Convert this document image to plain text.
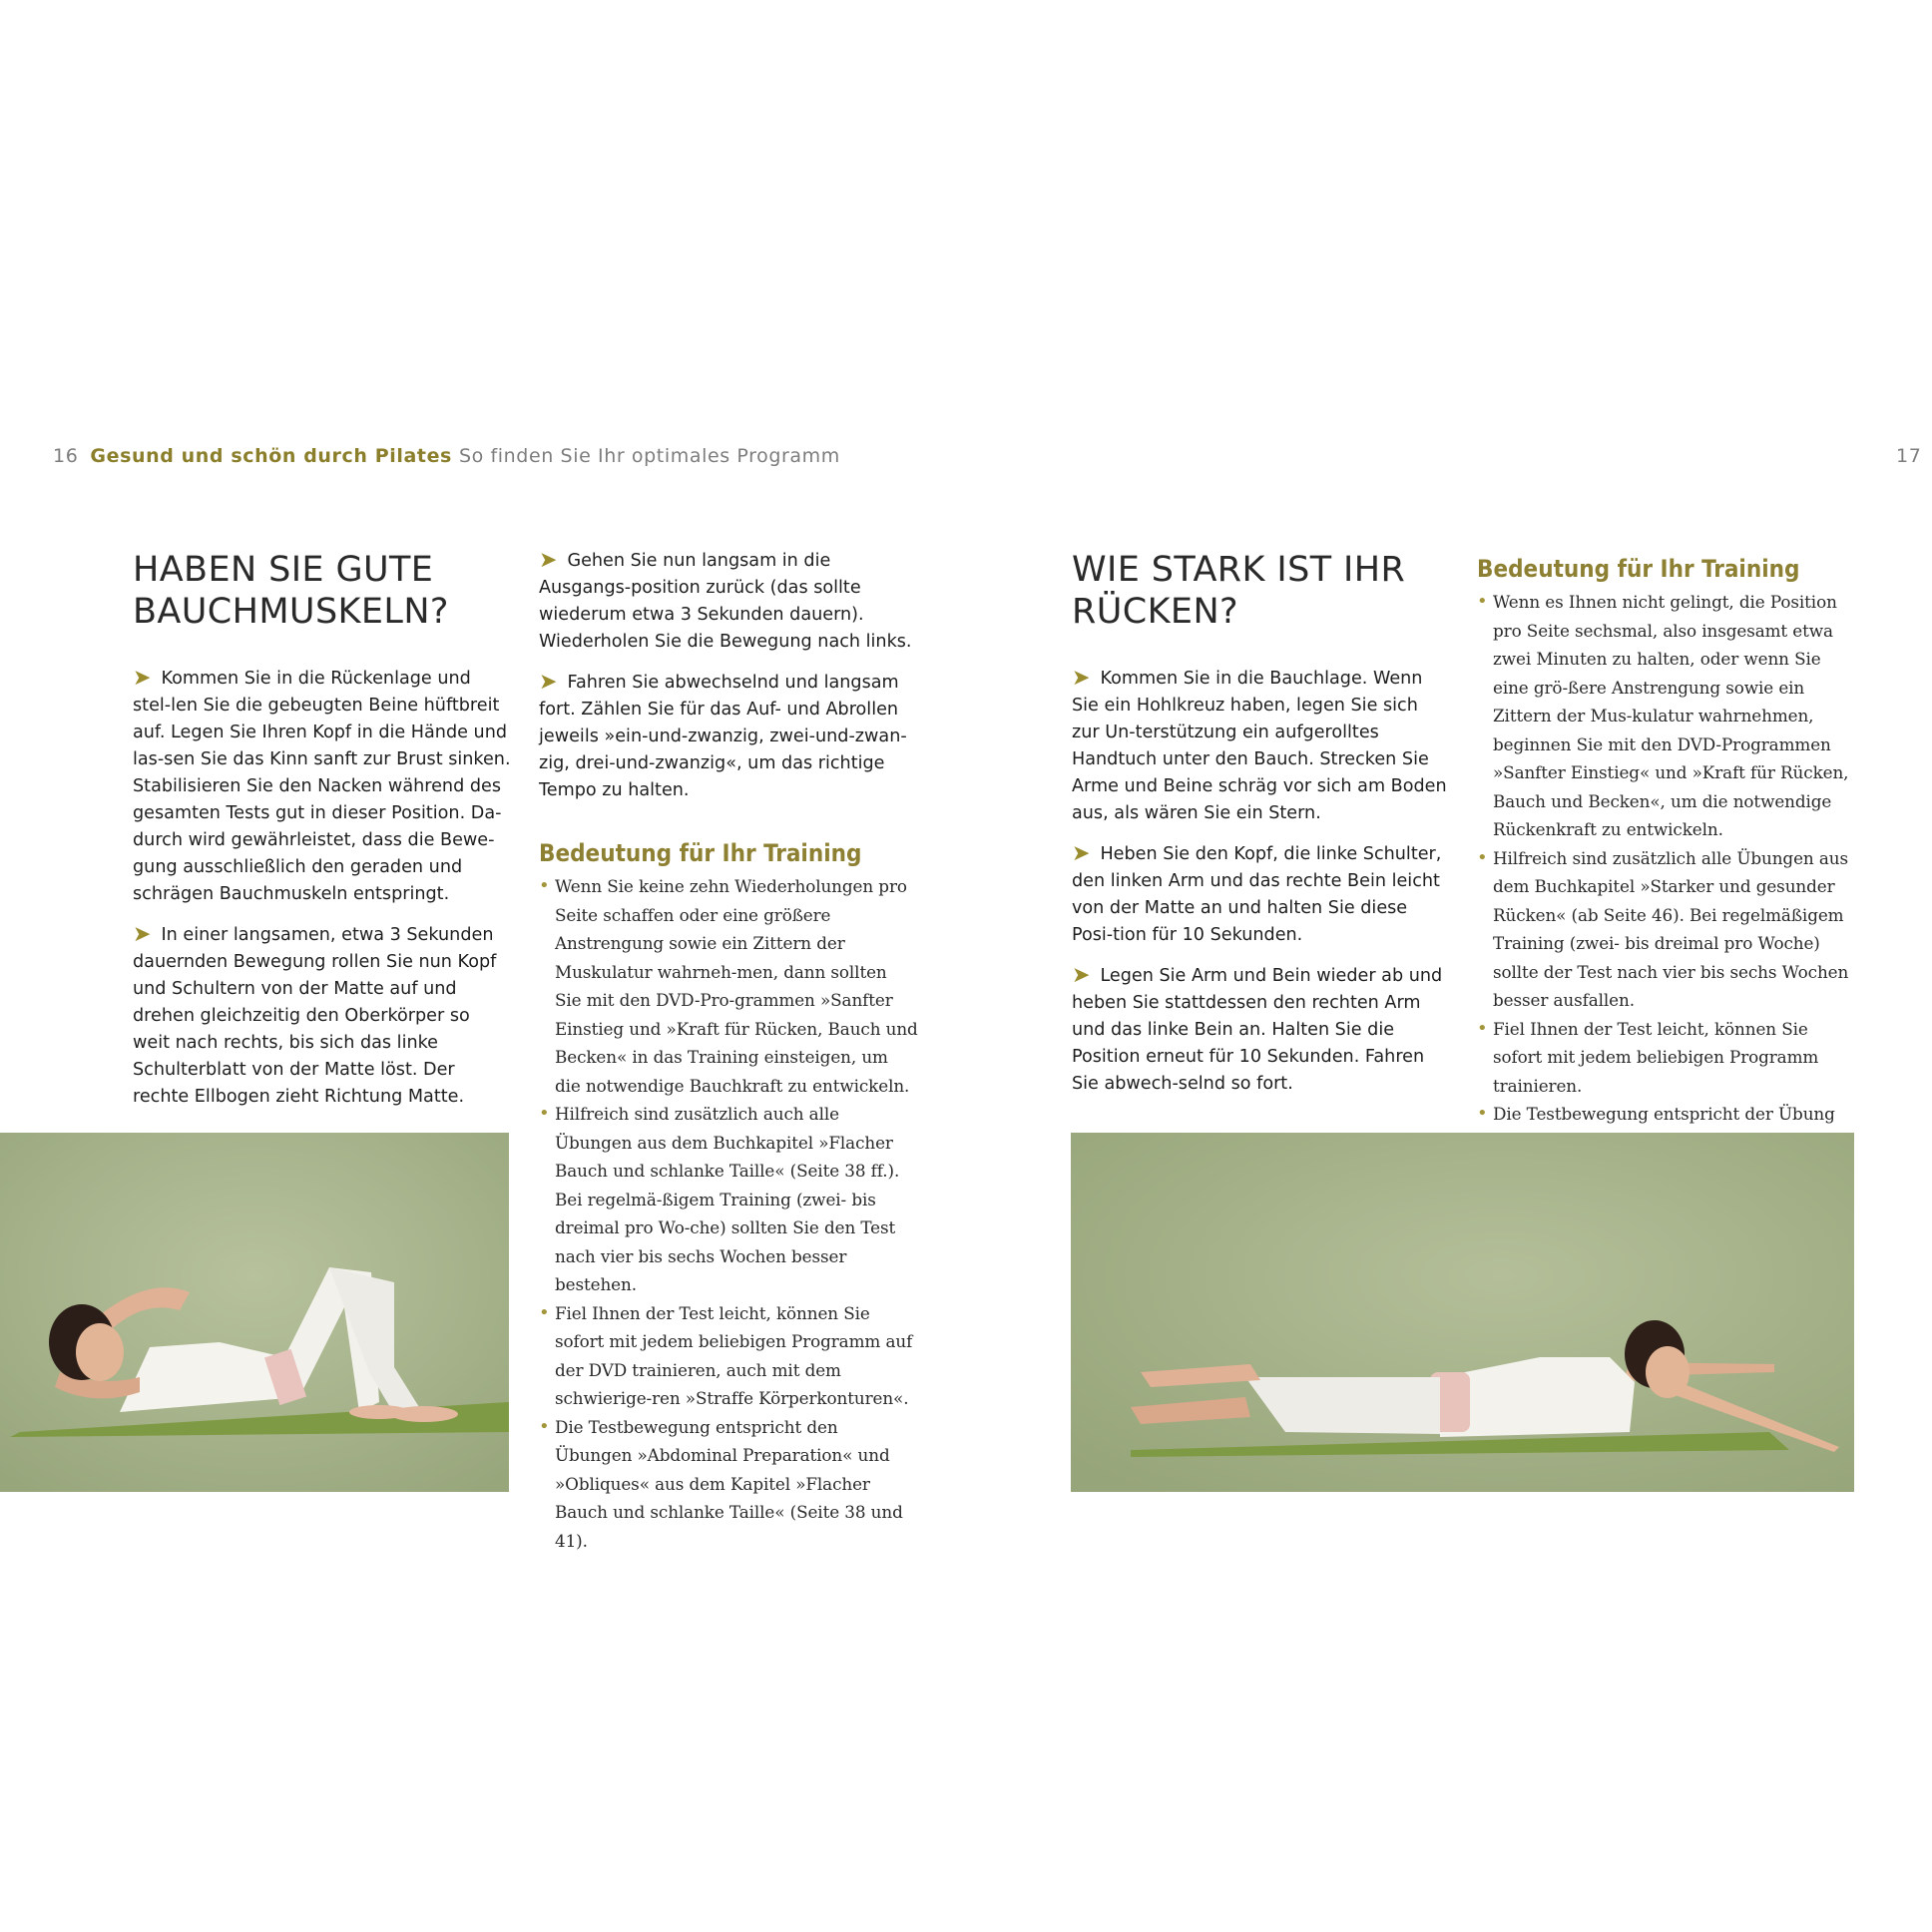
16 Gesund und schön durch Pilates So finden Sie Ihr optimales Programm	17
HABEN SIE GUTE
BAUCHMUSKELN?

➤ Kommen Sie in die Rückenlage und stel-len Sie die gebeugten Beine hüftbreit auf. Legen Sie Ihren Kopf in die Hände und las-sen Sie das Kinn sanft zur Brust sinken. Stabilisieren Sie den Nacken während des gesamten Tests gut in dieser Position. Da-durch wird gewährleistet, dass die Bewe-gung ausschließlich den geraden und schrägen Bauchmuskeln entspringt.

➤ In einer langsamen, etwa 3 Sekunden dauernden Bewegung rollen Sie nun Kopf und Schultern von der Matte auf und drehen gleichzeitig den Oberkörper so weit nach rechts, bis sich das linke Schulterblatt von der Matte löst. Der rechte Ellbogen zieht Richtung Matte.

➤ Gehen Sie nun langsam in die Ausgangs-position zurück (das sollte wiederum etwa 3 Sekunden dauern). Wiederholen Sie die Bewegung nach links.

➤ Fahren Sie abwechselnd und langsam fort. Zählen Sie für das Auf- und Abrollen jeweils »ein-und-zwanzig, zwei-und-zwan-zig, drei-und-zwanzig«, um das richtige Tempo zu halten.

Bedeutung für Ihr Training
• Wenn Sie keine zehn Wiederholungen pro Seite schaffen oder eine größere Anstrengung sowie ein Zittern der Muskulatur wahrneh-men, dann sollten Sie mit den DVD-Pro-grammen »Sanfter Einstieg und »Kraft für Rücken, Bauch und Becken« in das Training einsteigen, um die notwendige Bauchkraft zu entwickeln.
• Hilfreich sind zusätzlich auch alle Übungen aus dem Buchkapitel »Flacher Bauch und schlanke Taille« (Seite 38 ff.). Bei regelmä-ßigem Training (zwei- bis dreimal pro Wo-che) sollten Sie den Test nach vier bis sechs Wochen besser bestehen.
• Fiel Ihnen der Test leicht, können Sie sofort mit jedem beliebigen Programm auf der DVD trainieren, auch mit dem schwierige-ren »Straffe Körperkonturen«.
• Die Testbewegung entspricht den Übungen »Abdominal Preparation« und »Obliques« aus dem Kapitel »Flacher Bauch und schlanke Taille« (Seite 38 und 41).
WIE STARK IST IHR
RÜCKEN?

➤ Kommen Sie in die Bauchlage. Wenn Sie ein Hohlkreuz haben, legen Sie sich zur Un-terstützung ein aufgerolltes Handtuch unter den Bauch. Strecken Sie Arme und Beine schräg vor sich am Boden aus, als wären Sie ein Stern.

➤ Heben Sie den Kopf, die linke Schulter, den linken Arm und das rechte Bein leicht von der Matte an und halten Sie diese Posi-tion für 10 Sekunden.

➤ Legen Sie Arm und Bein wieder ab und heben Sie stattdessen den rechten Arm und das linke Bein an. Halten Sie die Position erneut für 10 Sekunden. Fahren Sie abwech-selnd so fort.

Bedeutung für Ihr Training
• Wenn es Ihnen nicht gelingt, die Position pro Seite sechsmal, also insgesamt etwa zwei Minuten zu halten, oder wenn Sie eine grö-ßere Anstrengung sowie ein Zittern der Mus-kulatur wahrnehmen, beginnen Sie mit den DVD-Programmen »Sanfter Einstieg« und »Kraft für Rücken, Bauch und Becken«, um die notwendige Rückenkraft zu entwickeln.
• Hilfreich sind zusätzlich alle Übungen aus dem Buchkapitel »Starker und gesunder Rücken« (ab Seite 46). Bei regelmäßigem Training (zwei- bis dreimal pro Woche) sollte der Test nach vier bis sechs Wochen besser ausfallen.
• Fiel Ihnen der Test leicht, können Sie sofort mit jedem beliebigen Programm trainieren.
• Die Testbewegung entspricht der Übung
